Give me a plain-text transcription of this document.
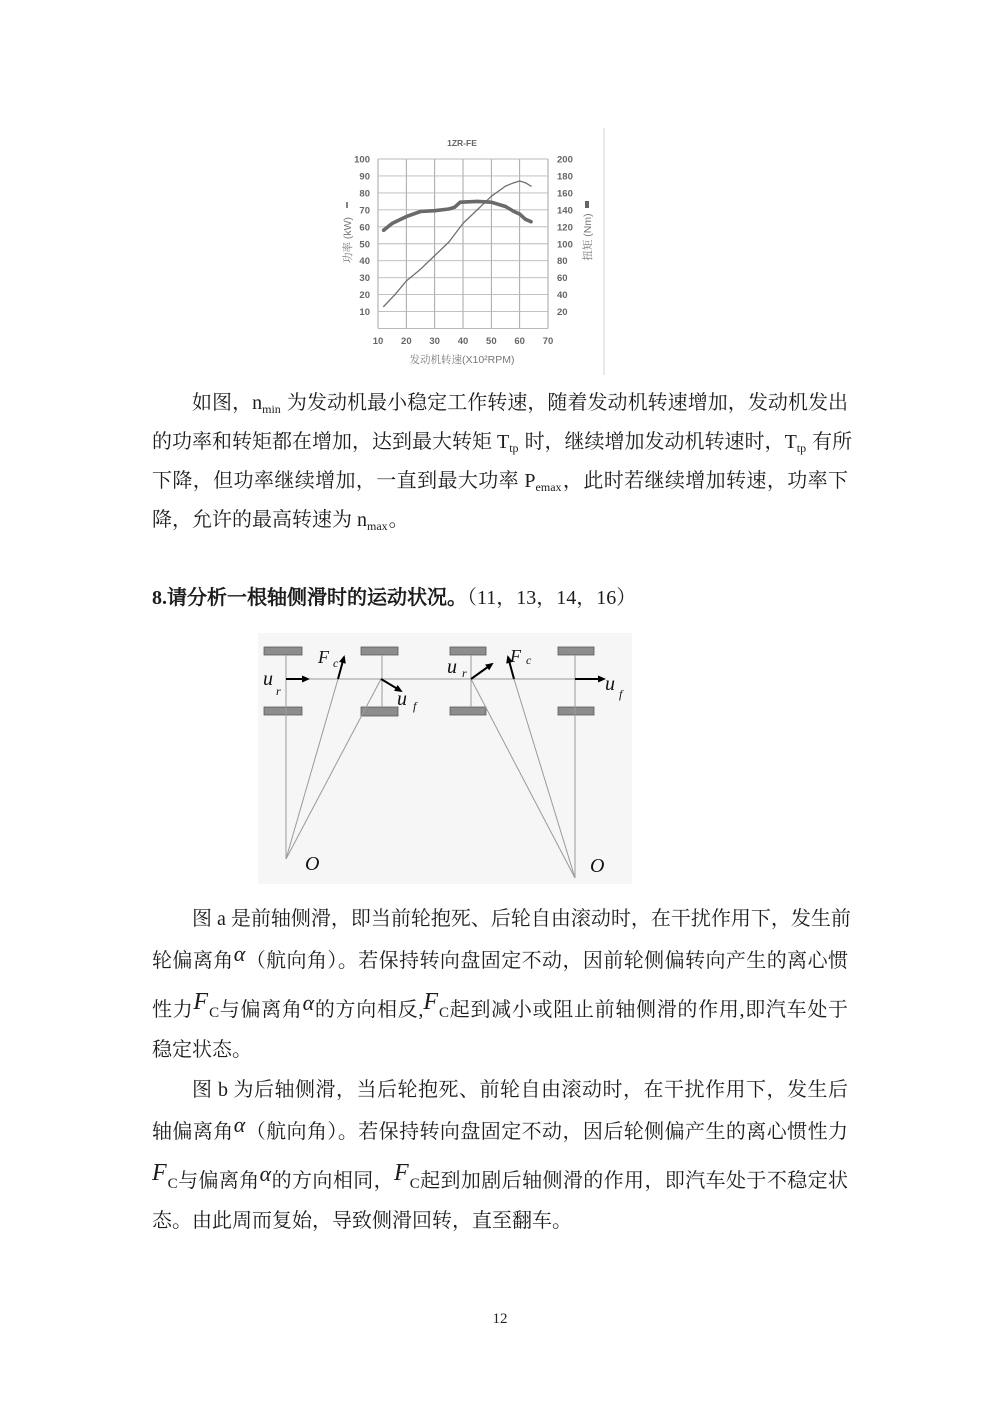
10 20 30 40 50 60 70
10
20
30
40
50
60
70
80
90
100
20
40
60
80
100
120
140
160
180
200
1ZR-FE
发动机转速(X10²RPM)
功率 (kW)	扭矩 (Nm)
如图，$n_{min}$ 为发动机最小稳定工作转速，随着发动机转速增加，发动机发出
的功率和转矩都在增加，达到最大转矩 $T_{tp}$ 时，继续增加发动机转速时，$T_{tp}$ 有所
下降，但功率继续增加，一直到最大功率 $P_{emax}$，此时若继续增加转速，功率下
降，允许的最高转速为 $n_{max}$。
8.请分析一根轴侧滑时的运动状况。（11，13，14，16）
u
r
F c
u f
O
u r
F c
u f
O
图 a 是前轴侧滑，即当前轮抱死、后轮自由滚动时，在干扰作用下，发生前
轮偏离角α（航向角）。若保持转向盘固定不动，因前轮侧偏转向产生的离心惯
性力FC与偏离角α的方向相反,FC起到减小或阻止前轴侧滑的作用,即汽车处于
稳定状态。
图 b 为后轴侧滑，当后轮抱死、前轮自由滚动时，在干扰作用下，发生后
轴偏离角α（航向角）。若保持转向盘固定不动，因后轮侧偏产生的离心惯性力
FC与偏离角α的方向相同，FC起到加剧后轴侧滑的作用，即汽车处于不稳定状
态。由此周而复始，导致侧滑回转，直至翻车。
12
